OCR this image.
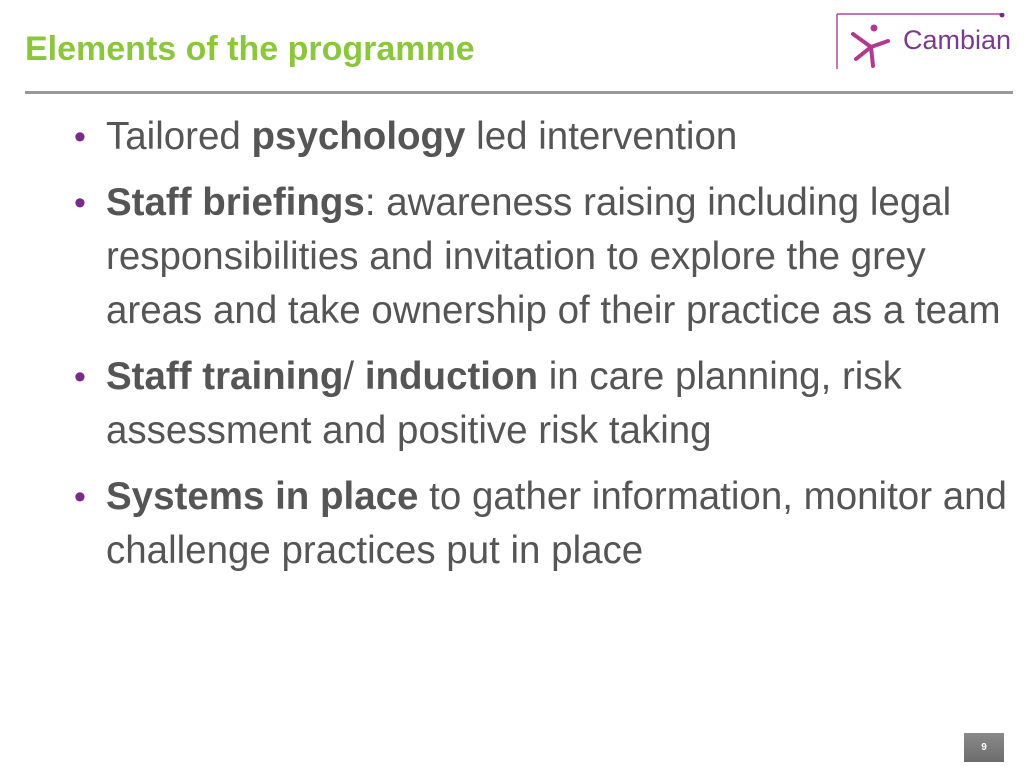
Elements of the programme	Cambian
• Tailored psychology led intervention
• Staff briefings: awareness raising including legal responsibilities and invitation to explore the grey areas and take ownership of their practice as a team
• Staff training/ induction in care planning, risk assessment and positive risk taking
• Systems in place to gather information, monitor and challenge practices put in place
9
